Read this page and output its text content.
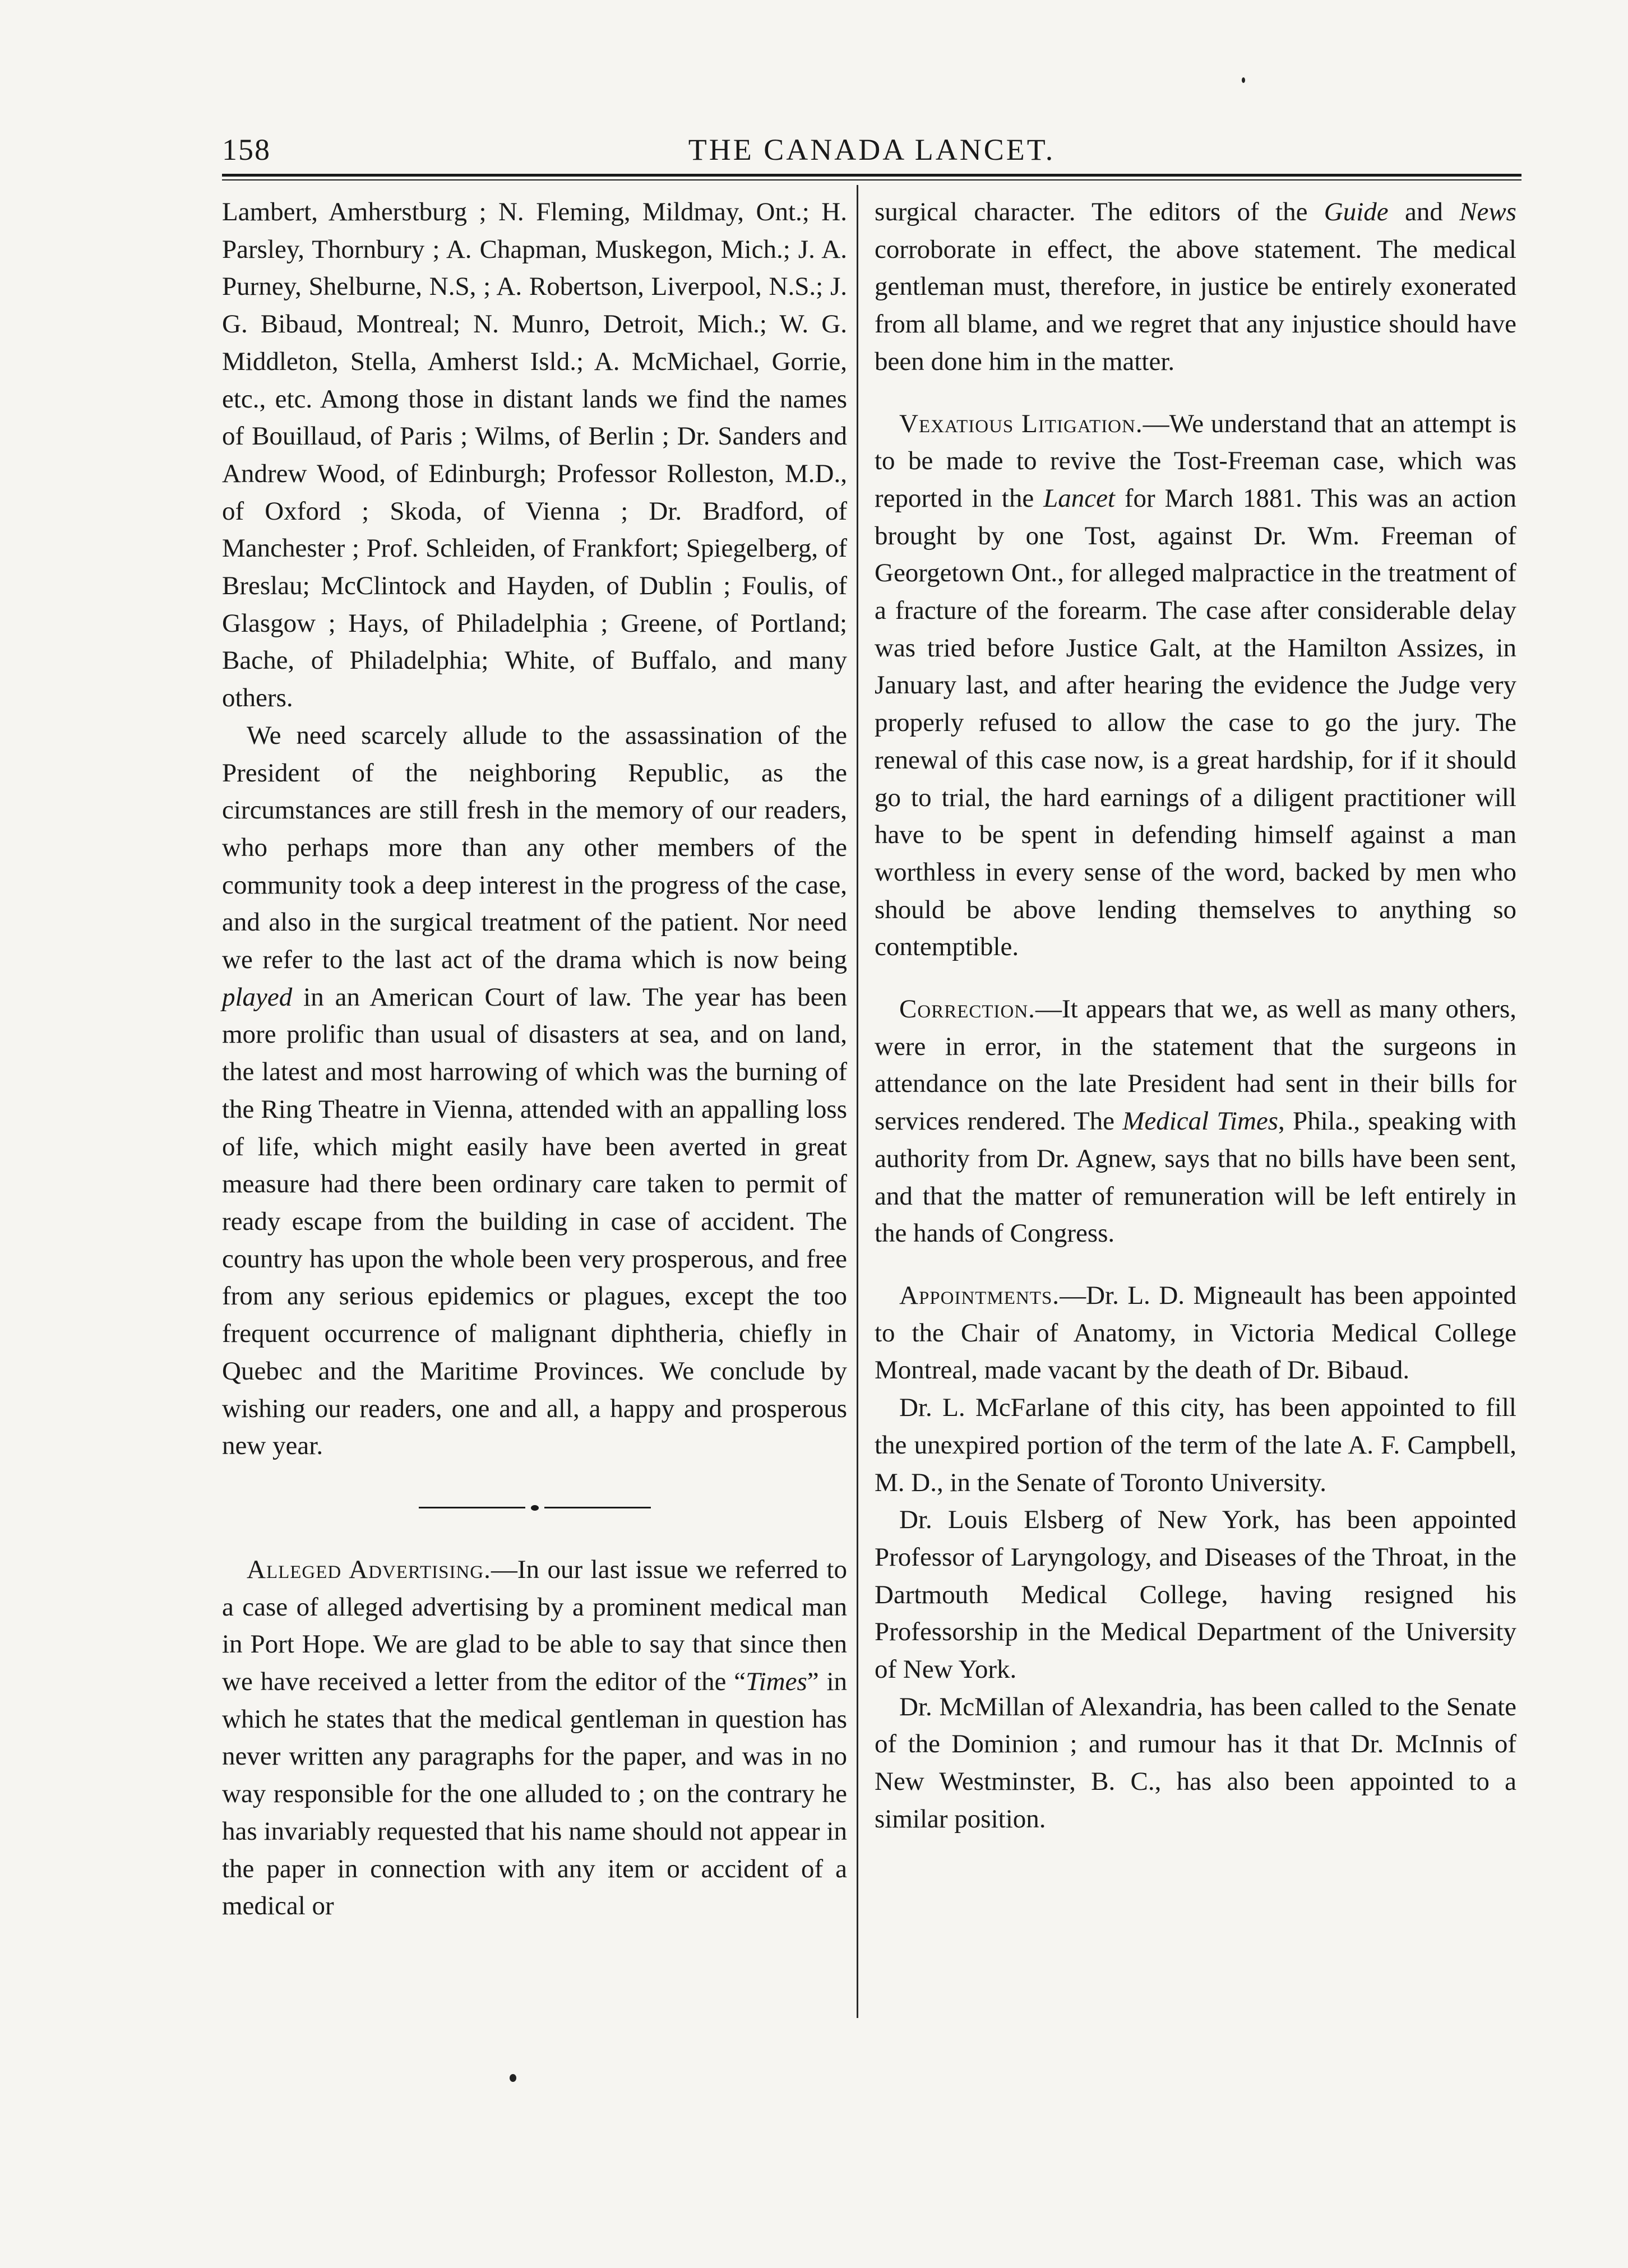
158	THE CANADA LANCET.

Lambert, Amherstburg ; N. Fleming, Mildmay, Ont.; H. Parsley, Thornbury ; A. Chapman, Muskegon, Mich.; J. A. Purney, Shelburne, N.S, ; A. Robertson, Liverpool, N.S.; J. G. Bibaud, Montreal; N. Munro, Detroit, Mich.; W. G. Middleton, Stella, Amherst Isld.; A. McMichael, Gorrie, etc., etc. Among those in distant lands we find the names of Bouillaud, of Paris ; Wilms, of Berlin ; Dr. Sanders and Andrew Wood, of Edinburgh; Professor Rolleston, M.D., of Oxford ; Skoda, of Vienna ; Dr. Bradford, of Manchester ; Prof. Schleiden, of Frankfort; Spiegelberg, of Breslau; McClintock and Hayden, of Dublin ; Foulis, of Glasgow ; Hays, of Philadelphia ; Greene, of Portland; Bache, of Philadelphia; White, of Buffalo, and many others.

We need scarcely allude to the assassination of the President of the neighboring Republic, as the circumstances are still fresh in the memory of our readers, who perhaps more than any other members of the community took a deep interest in the progress of the case, and also in the surgical treatment of the patient. Nor need we refer to the last act of the drama which is now being played in an American Court of law. The year has been more prolific than usual of disasters at sea, and on land, the latest and most harrowing of which was the burning of the Ring Theatre in Vienna, attended with an appalling loss of life, which might easily have been averted in great measure had there been ordinary care taken to permit of ready escape from the building in case of accident. The country has upon the whole been very prosperous, and free from any serious epidemics or plagues, except the too frequent occurrence of malignant diphtheria, chiefly in Quebec and the Maritime Provinces. We conclude by wishing our readers, one and all, a happy and prosperous new year.

Alleged Advertising.—In our last issue we referred to a case of alleged advertising by a prominent medical man in Port Hope. We are glad to be able to say that since then we have received a letter from the editor of the “Times” in which he states that the medical gentleman in question has never written any paragraphs for the paper, and was in no way responsible for the one alluded to ; on the contrary he has invariably requested that his name should not appear in the paper in connection with any item or accident of a medical or

surgical character. The editors of the Guide and News corroborate in effect, the above statement. The medical gentleman must, therefore, in justice be entirely exonerated from all blame, and we regret that any injustice should have been done him in the matter.

Vexatious Litigation.—We understand that an attempt is to be made to revive the Tost-Freeman case, which was reported in the Lancet for March 1881. This was an action brought by one Tost, against Dr. Wm. Freeman of Georgetown Ont., for alleged malpractice in the treatment of a fracture of the forearm. The case after considerable delay was tried before Justice Galt, at the Hamilton Assizes, in January last, and after hearing the evidence the Judge very properly refused to allow the case to go the jury. The renewal of this case now, is a great hardship, for if it should go to trial, the hard earnings of a diligent practitioner will have to be spent in defending himself against a man worthless in every sense of the word, backed by men who should be above lending themselves to anything so contemptible.

Correction.—It appears that we, as well as many others, were in error, in the statement that the surgeons in attendance on the late President had sent in their bills for services rendered. The Medical Times, Phila., speaking with authority from Dr. Agnew, says that no bills have been sent, and that the matter of remuneration will be left entirely in the hands of Congress.

Appointments.—Dr. L. D. Migneault has been appointed to the Chair of Anatomy, in Victoria Medical College Montreal, made vacant by the death of Dr. Bibaud.

Dr. L. McFarlane of this city, has been appointed to fill the unexpired portion of the term of the late A. F. Campbell, M. D., in the Senate of Toronto University.

Dr. Louis Elsberg of New York, has been appointed Professor of Laryngology, and Diseases of the Throat, in the Dartmouth Medical College, having resigned his Professorship in the Medical Department of the University of New York.

Dr. McMillan of Alexandria, has been called to the Senate of the Dominion ; and rumour has it that Dr. McInnis of New Westminster, B. C., has also been appointed to a similar position.
